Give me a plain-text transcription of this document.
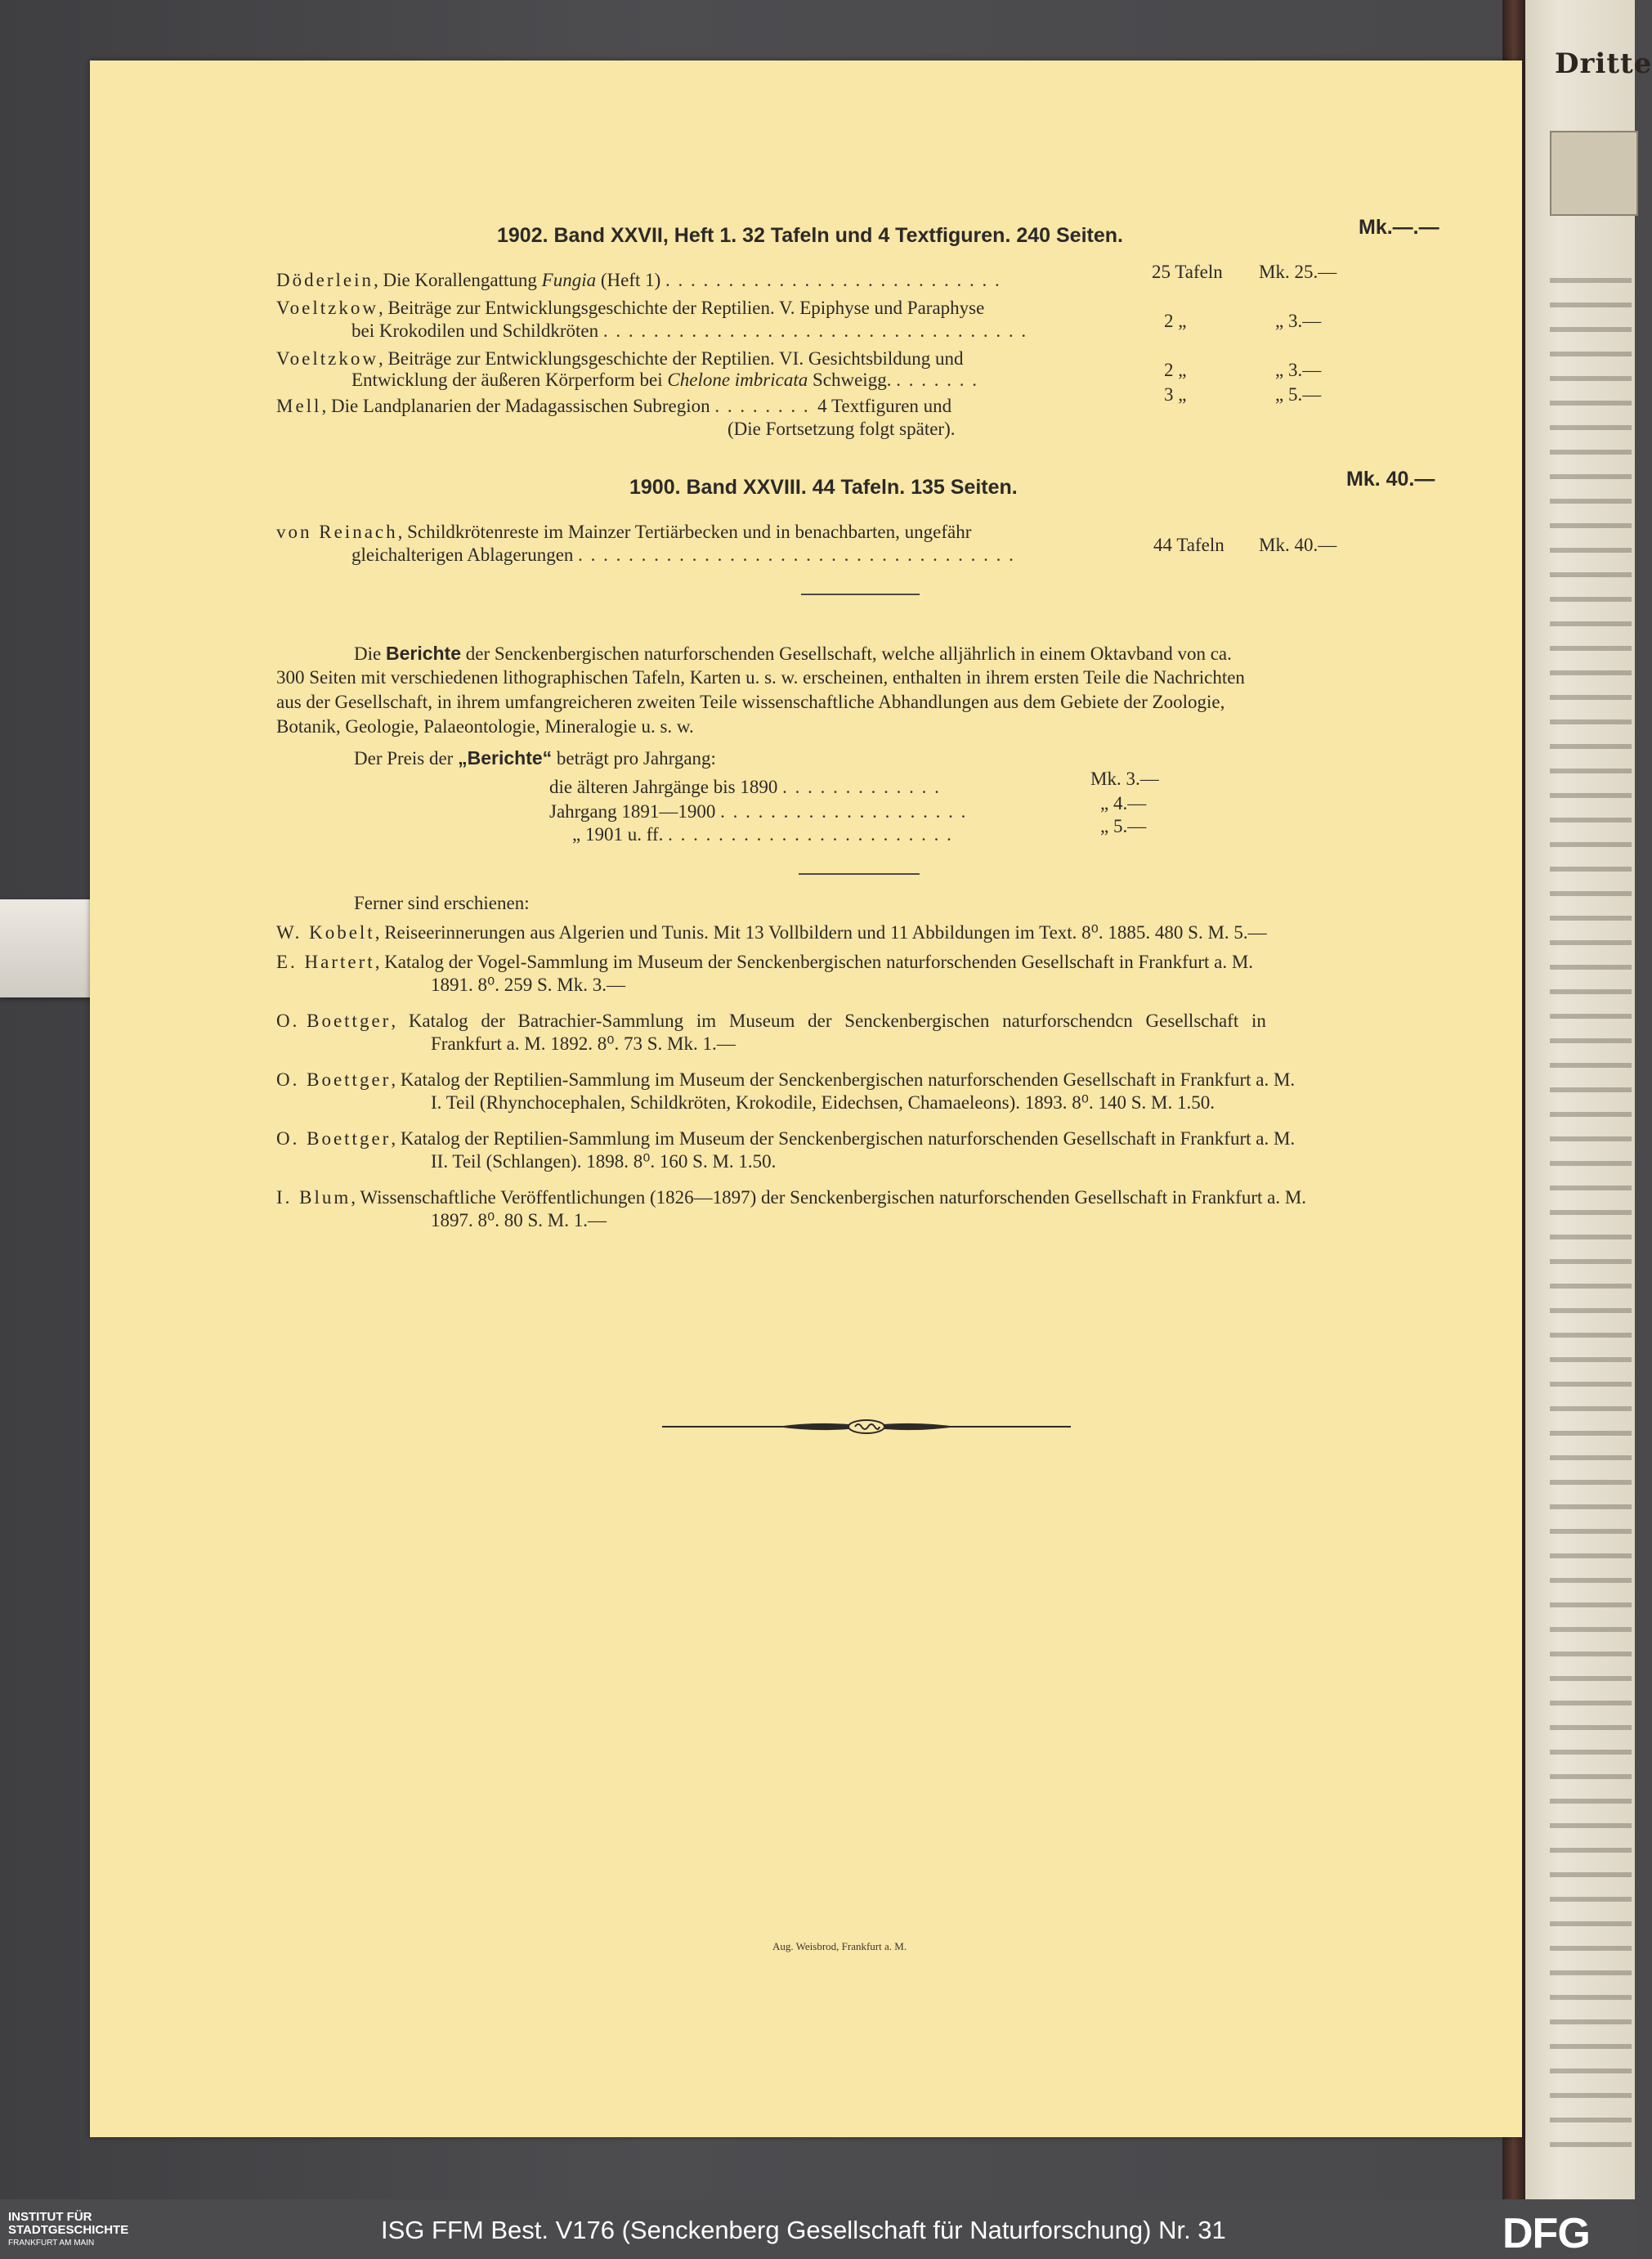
Dritte
1902. Band XXVII, Heft 1. 32 Tafeln und 4 Textfiguren. 240 Seiten.	Mk.—.—
Döderlein, Die Korallengattung Fungia (Heft 1) . . . . . . . . . . . . . . . . . . . . . . . . . . .	25 Tafeln Mk. 25.—
Voeltzkow, Beiträge zur Entwicklungsgeschichte der Reptilien. V. Epiphyse und Paraphyse
bei Krokodilen und Schildkröten . . . . . . . . . . . . . . . . . . . . . . . . . . . . . . . . . .	2 „	„ 3.—
Voeltzkow, Beiträge zur Entwicklungsgeschichte der Reptilien. VI. Gesichtsbildung und
Entwicklung der äußeren Körperform bei Chelone imbricata Schweigg. . . . . . . .	2 „	„ 3.—
Mell, Die Landplanarien der Madagassischen Subregion . . . . . . . . 4 Textfiguren und
3 „	„ 5.—
(Die Fortsetzung folgt später).
1900. Band XXVIII. 44 Tafeln. 135 Seiten.	Mk. 40.—
von Reinach, Schildkrötenreste im Mainzer Tertiärbecken und in benachbarten, ungefähr
gleichalterigen Ablagerungen . . . . . . . . . . . . . . . . . . . . . . . . . . . . . . . . . . .	44 Tafeln Mk. 40.—
Die Berichte der Senckenbergischen naturforschenden Gesellschaft, welche alljährlich in einem Oktavband von ca.
300 Seiten mit verschiedenen lithographischen Tafeln, Karten u. s. w. erscheinen, enthalten in ihrem ersten Teile die Nachrichten
aus der Gesellschaft, in ihrem umfangreicheren zweiten Teile wissenschaftliche Abhandlungen aus dem Gebiete der Zoologie,
Botanik, Geologie, Palaeontologie, Mineralogie u. s. w.
Der Preis der „Berichte“ beträgt pro Jahrgang:
die älteren Jahrgänge bis 1890 . . . . . . . . . . . . .	Mk. 3.—
Jahrgang 1891—1900 . . . . . . . . . . . . . . . . . . . .	„ 4.—
„ 1901 u. ff. . . . . . . . . . . . . . . . . . . . . . . .	„ 5.—
Ferner sind erschienen:
W. Kobelt, Reiseerinnerungen aus Algerien und Tunis. Mit 13 Vollbildern und 11 Abbildungen im Text. 8⁰. 1885. 480 S. M. 5.—
E. Hartert, Katalog der Vogel-Sammlung im Museum der Senckenbergischen naturforschenden Gesellschaft in Frankfurt a. M.
1891. 8⁰. 259 S. Mk. 3.—
O. Boettger, Katalog der Batrachier-Sammlung im Museum der Senckenbergischen naturforschendcn Gesellschaft in
Frankfurt a. M. 1892. 8⁰. 73 S. Mk. 1.—
O. Boettger, Katalog der Reptilien-Sammlung im Museum der Senckenbergischen naturforschenden Gesellschaft in Frankfurt a. M.
I. Teil (Rhynchocephalen, Schildkröten, Krokodile, Eidechsen, Chamaeleons). 1893. 8⁰. 140 S. M. 1.50.
O. Boettger, Katalog der Reptilien-Sammlung im Museum der Senckenbergischen naturforschenden Gesellschaft in Frankfurt a. M.
II. Teil (Schlangen). 1898. 8⁰. 160 S. M. 1.50.
I. Blum, Wissenschaftliche Veröffentlichungen (1826—1897) der Senckenbergischen naturforschenden Gesellschaft in Frankfurt a. M.
1897. 8⁰. 80 S. M. 1.—
Aug. Weisbrod, Frankfurt a. M.
INSTITUT FÜR
STADTGESCHICHTE
FRANKFURT AM MAIN	ISG FFM Best. V176 (Senckenberg Gesellschaft für Naturforschung) Nr. 31	DFG
